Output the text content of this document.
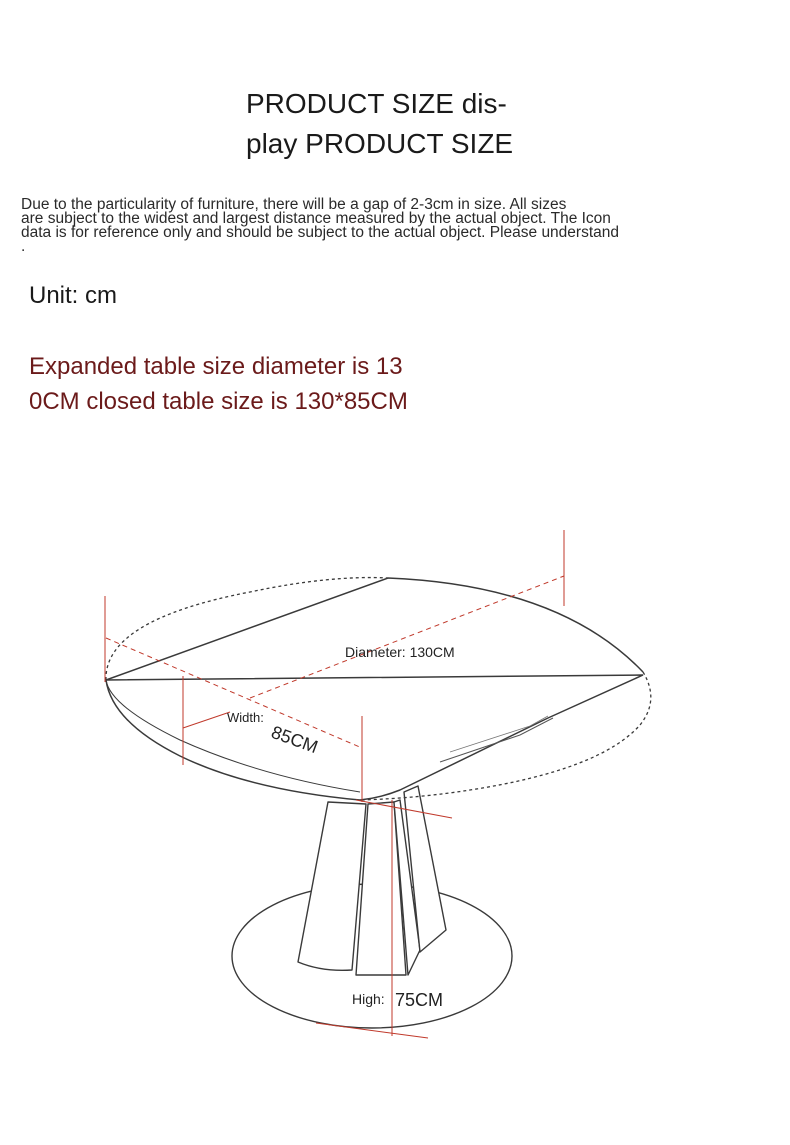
PRODUCT SIZE dis-
play PRODUCT SIZE
Due to the particularity of furniture, there will be a gap of 2-3cm in size. All sizes
are subject to the widest and largest distance measured by the actual object. The Icon
data is for reference only and should be subject to the actual object. Please understand
.
Unit: cm
Expanded table size diameter is 13
0CM closed table size is 130*85CM
Diameter: 130CM
Width:
85CM
High: 75CM
